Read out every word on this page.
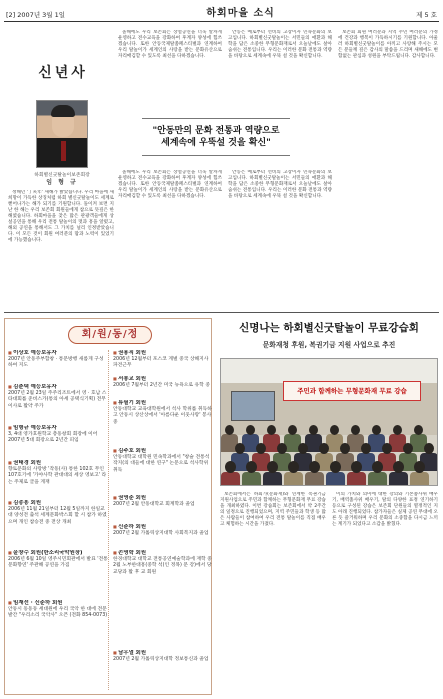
[2] 2007년 3월 1일	하회마을 소식	제 5 호
신년사
하회별신굿탈놀이보존회장
임 형 규

정해년 '丁亥年' 새해가 밝았습니다. 우리 마을에 새 희망이 가득한 상징처럼 하회 별신굿탈놀이도 세계로 뻗어나가는 해가 되기를 기원합니다. 돌이켜 보면 지난 한 해는 우리 보존회 회원들에게 참으로 뜻깊은 한 해였습니다. 하회마을을 찾은 많은 관광객들에게 상설공연을 통해 우리 전통 탈놀이의 멋과 흥을 알렸고, 해외 공연을 통해서도 그 가치를 널리 인정받았습니다. 이 모든 것이 회원 여러분의 땀과 노력이 있었기에 가능했습니다.

올해에도 우리 보존회는 상설공연을 더욱 알차게 운영하고 전수교육을 강화하여 후계자 양성에 힘쓰겠습니다. 또한 안동국제탈춤페스티벌과 연계하여 우리 탈놀이가 세계인의 사랑을 받는 문화유산으로 자리매김할 수 있도록 최선을 다하겠습니다.

안동은 예로부터 선비의 고장이자 민속문화의 보고입니다. 하회별신굿탈놀이는 서민들의 애환과 해학을 담은 소중한 무형문화재로서 오늘날에도 살아 숨쉬는 전통입니다. 우리는 이러한 문화 전통과 역량을 바탕으로 세계속에 우뚝 설 것을 확신합니다.

보존회 회원 여러분과 지역 주민 여러분의 가정에 건강과 행복이 가득하시기를 기원합니다. 아울러 하회별신굿탈놀이를 아끼고 사랑해 주시는 모든 분들께 깊은 감사의 말씀을 드리며 새해에도 변함없는 관심과 성원을 부탁드립니다. 감사합니다.

올해에도 우리 보존회는 상설공연을 더욱 알차게 운영하고 전수교육을 강화하여 후계자 양성에 힘쓰겠습니다. 또한 안동국제탈춤페스티벌과 연계하여 우리 탈놀이가 세계인의 사랑을 받는 문화유산으로 자리매김할 수 있도록 최선을 다하겠습니다.

안동은 예로부터 선비의 고장이자 민속문화의 보고입니다. 하회별신굿탈놀이는 서민들의 애환과 해학을 담은 소중한 무형문화재로서 오늘날에도 살아 숨쉬는 전통입니다. 우리는 이러한 문화 전통과 역량을 바탕으로 세계속에 우뚝 설 것을 확신합니다.

"안동만의 문화 전통과 역량으로
세계속에 우뚝설 것을 확신"
회/원/동/정
■ 이상호 예능보유자
2007년 안동주부합창 · 통문방행 새롭게 구성하여 지도
■ 김춘택 예능보유자
2007년 2월 23일 주주리조트에서 영 · 호남 스타대회를 준비스가(통의 아세 공택식기획) 전무 이사로 활약 주가
■ 임형규 예능보유자
3, 4대 영가호원학교 총동창회 회장에 이어 2007년 5대 회장으로 2년간 피임
■ 권태경 회원
향토문화의 사랑방 '작동(사) 통한 102호 무인 107호기에 '가야사학 관대대의 세상 영보고' 라는 주제로 글을 게재
■ 김종흥 회원
2006년 11월 21일부터 12월 5일까지 한일교대 양성전 출석 세계문화박스회 할 시 참가 하였으며 개인 참승전 중 전상 개최
■ 윤창수 회원(한소리국악원장)
2006년 6월 10일 영주시민회관에서 발표 '전통문화향연' 주관해 공연을 가짐
■ 임재선 · 신준하 회원
안동시 동동동 세대원에 우리 국악 한 대에 전문 발간 "우리소리 국악사" 오픈 (전화 854-0073)
■ 권용직 회원
2006년 12월부터 포스코 게벌 중국 상해지사 파견근무
■ 서봉교 회원
2006년 7월부터 2년간 미국 뉴욕으로 유학 중
■ 류필기 회원
안동대학교 교육대학원에서 석사 학위를 취득하고 안동시 상산상에서 '아름다운 이웃사랑' 봉사 중
■ 김주호 회원
안동대학교 대학원 민속학과에서 "창슬 전통석작지(의 대들에 대한 연구" 논문으로 석사학위 취득
■ 권영준 회원
2007년 2월 안동대학교 회계학과 졸업
■ 신준하 회원
2007년 2월 가톨릭상지대학 사회복지과 졸업
■ 손영학 회원
한경대학교 대학교 전통공연예술학과에 재학 중 2월 노부한대흥(중학 석(인 정목) 문 강)에서 당교당과 활 후 교 회원
■ 남우열 회원
2007년 2월 가톨릭상지대학 정보통신과 졸업
신명나는 하회별신굿탈놀이 무료강습회
문화재청 후원, 복권기금 지원 사업으로 추진
주민과 함께하는 무형문화재 무료 강습

보존회에서는 하회가(문화재)와 연계한 복권기금 지원사업으로 주민과 함께하는 무형문화재 무료 강습을 개최하였다. 이번 강습회는 보존회에서 약 2주간의 일정으로 진행되었으며, 지역 주민들과 학생 등 많은 사람들이 참여하여 우리 전통 탈놀이를 직접 배우고 체험하는 시간을 가졌다.

이의 가치와 의미에 대한 강의와 기본춤사위 배우기, 배역춤사위 배우기, 탈의 다양한 표정 연기하기 등으로 구성된 강습은 보존회 단원들의 열정적인 지도 아래 진행되었다. 참가자들은 실제 공연 무대에 오른 듯 즐거워하며 우리 문화의 소중함을 다시금 느끼는 계기가 되었다고 소감을 밝혔다.
